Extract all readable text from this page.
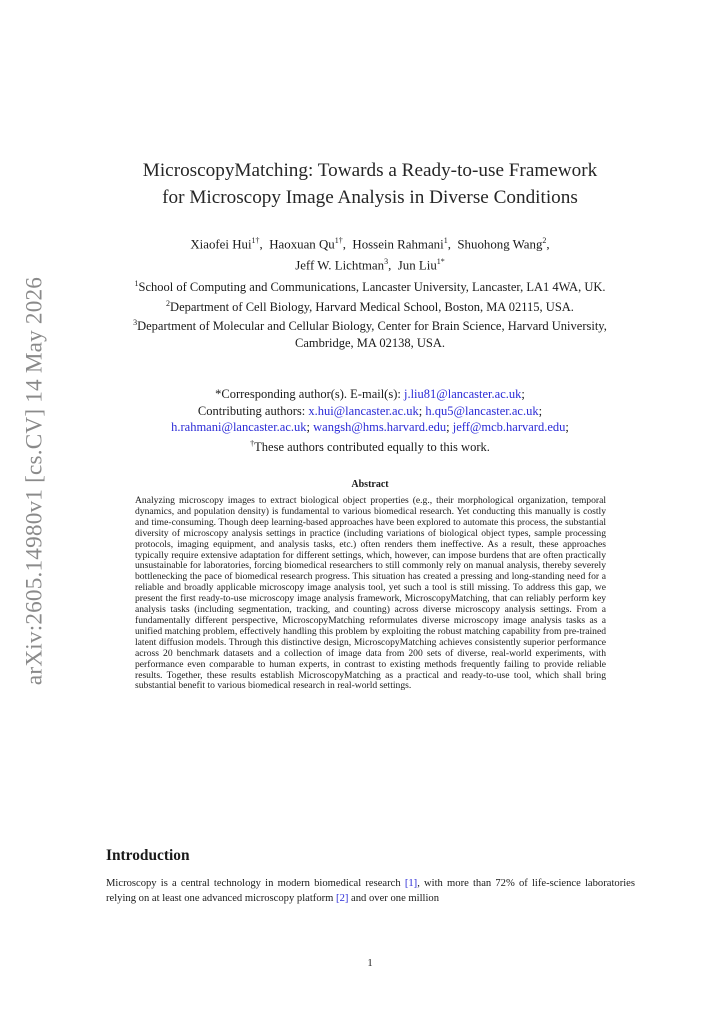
arXiv:2605.14980v1 [cs.CV] 14 May 2026
MicroscopyMatching: Towards a Ready-to-use Framework
for Microscopy Image Analysis in Diverse Conditions
Xiaofei Hui$^{1\dagger}$,  Haoxuan $Qu^{1\dagger}$,  Hossein Rahmani$^1$,  Shuohong Wang$^2$,
Jeff W. Lichtman$^3$,  Jun Liu$^{1*}$
$^1$School of Computing and Communications, Lancaster University, Lancaster, LA1 4WA, UK.
$^2$Department of Cell Biology, Harvard Medical School, Boston, MA 02115, USA.
$^3$Department of Molecular and Cellular Biology, Center for Brain Science, Harvard University, Cambridge, MA 02138, USA.
*Corresponding author(s). E-mail(s): j.liu81@lancaster.ac.uk;
Contributing authors: x.hui@lancaster.ac.uk; h.qu5@lancaster.ac.uk;
h.rahmani@lancaster.ac.uk; wangsh@hms.harvard.edu; jeff@mcb.harvard.edu;
†These authors contributed equally to this work.
Abstract

Analyzing microscopy images to extract biological object properties (e.g., their morphological organization, temporal dynamics, and population density) is fundamental to various biomedical research. Yet conducting this manually is costly and time-consuming. Though deep learning-based approaches have been explored to automate this process, the substantial diversity of microscopy analysis settings in practice (including variations of biological object types, sample processing protocols, imaging equipment, and analysis tasks, etc.) often renders them ineffective. As a result, these approaches typically require extensive adaptation for different settings, which, however, can impose burdens that are often practically unsustainable for laboratories, forcing biomedical researchers to still commonly rely on manual analysis, thereby severely bottlenecking the pace of biomedical research progress. This situation has created a pressing and long-standing need for a reliable and broadly applicable microscopy image analysis tool, yet such a tool is still missing. To address this gap, we present the first ready-to-use microscopy image analysis framework, MicroscopyMatching, that can reliably perform key analysis tasks (including segmentation, tracking, and counting) across diverse microscopy analysis settings. From a fundamentally different perspective, MicroscopyMatching reformulates diverse microscopy image analysis tasks as a unified matching problem, effectively handling this problem by exploiting the robust matching capability from pre-trained latent diffusion models. Through this distinctive design, MicroscopyMatching achieves consistently superior performance across 20 benchmark datasets and a collection of image data from 200 sets of diverse, real-world experiments, with performance even comparable to human experts, in contrast to existing methods frequently failing to provide reliable results. Together, these results establish MicroscopyMatching as a practical and ready-to-use tool, which shall bring substantial benefit to various biomedical research in real-world settings.

Introduction

Microscopy is a central technology in modern biomedical research [1], with more than 72% of life-science laboratories relying on at least one advanced microscopy platform [2] and over one million

1
